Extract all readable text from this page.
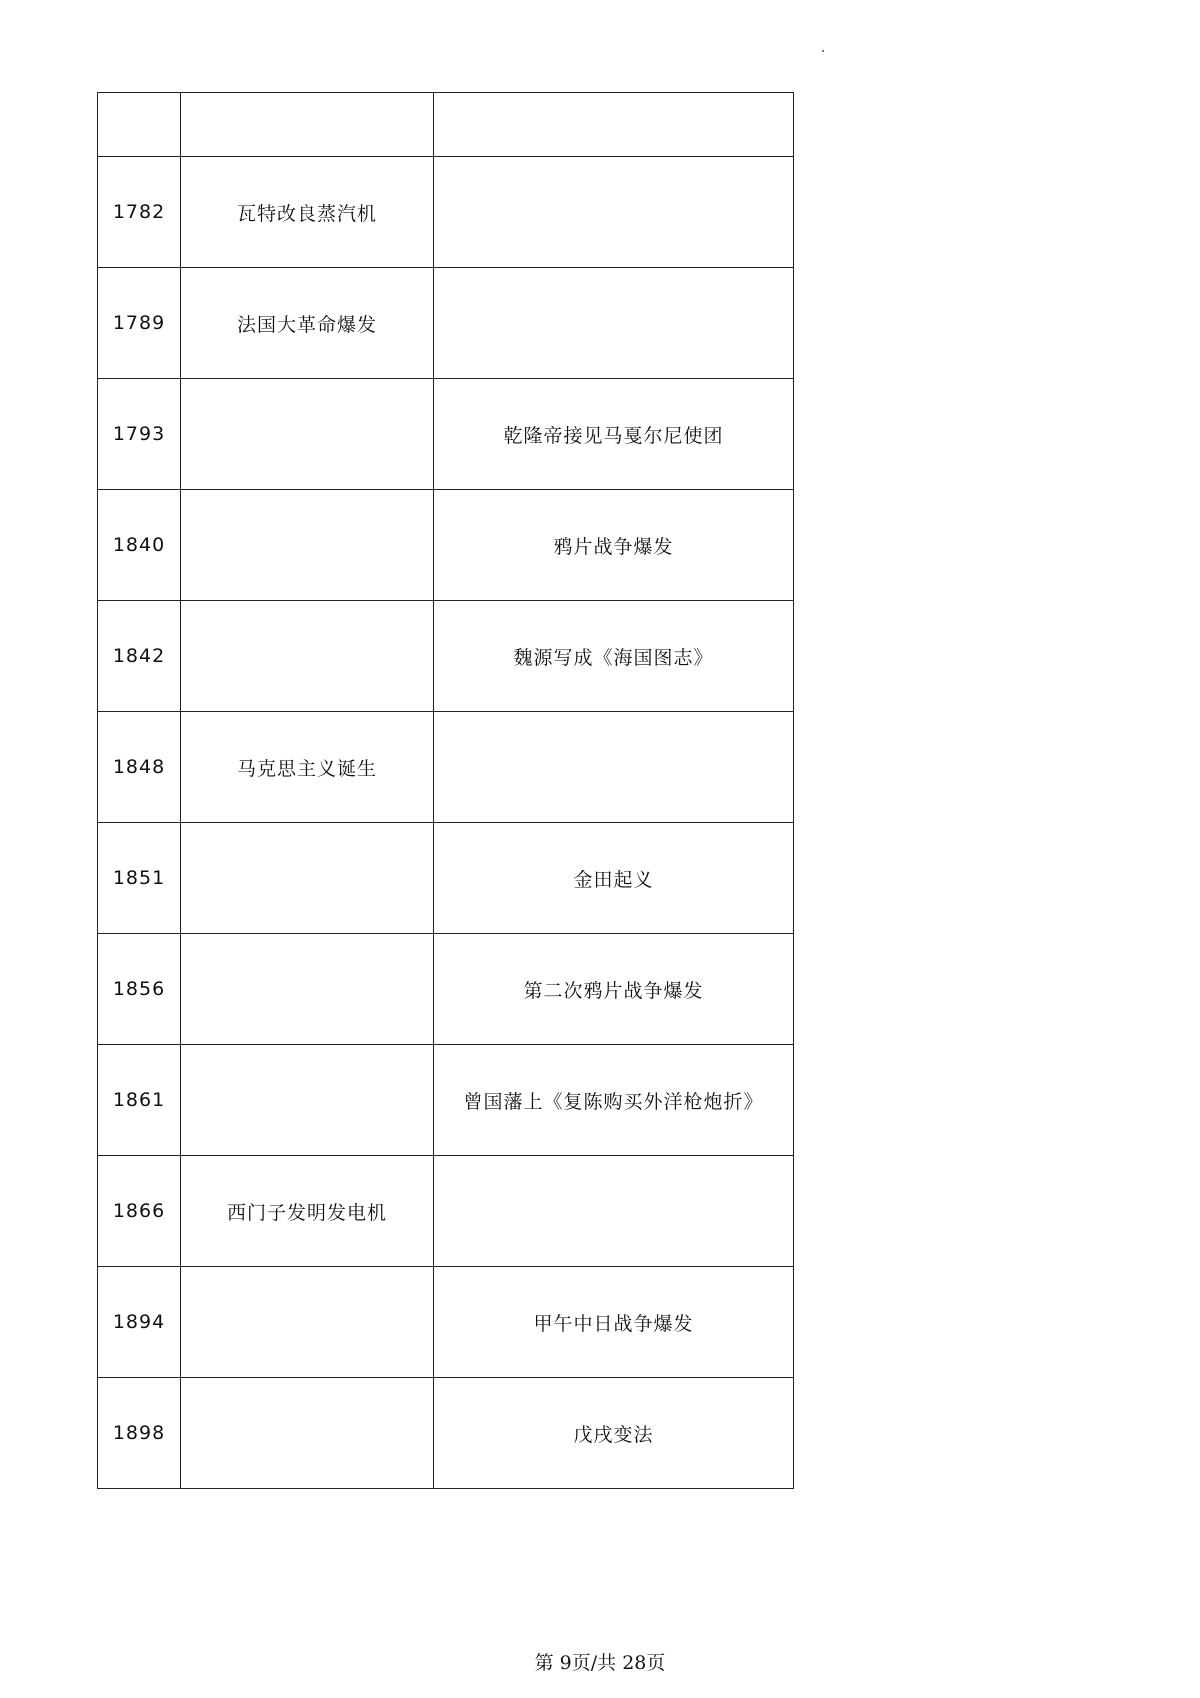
1782	瓦特改良蒸汽机	
1789	法国大革命爆发	
1793		乾隆帝接见马戛尔尼使团
1840		鸦片战争爆发
1842		魏源写成《海国图志》
1848	马克思主义诞生	
1851		金田起义
1856		第二次鸦片战争爆发
1861		曾国藩上《复陈购买外洋枪炮折》
1866	西门子发明发电机	
1894		甲午中日战争爆发
1898		戊戌变法
第 9页/共 28页
